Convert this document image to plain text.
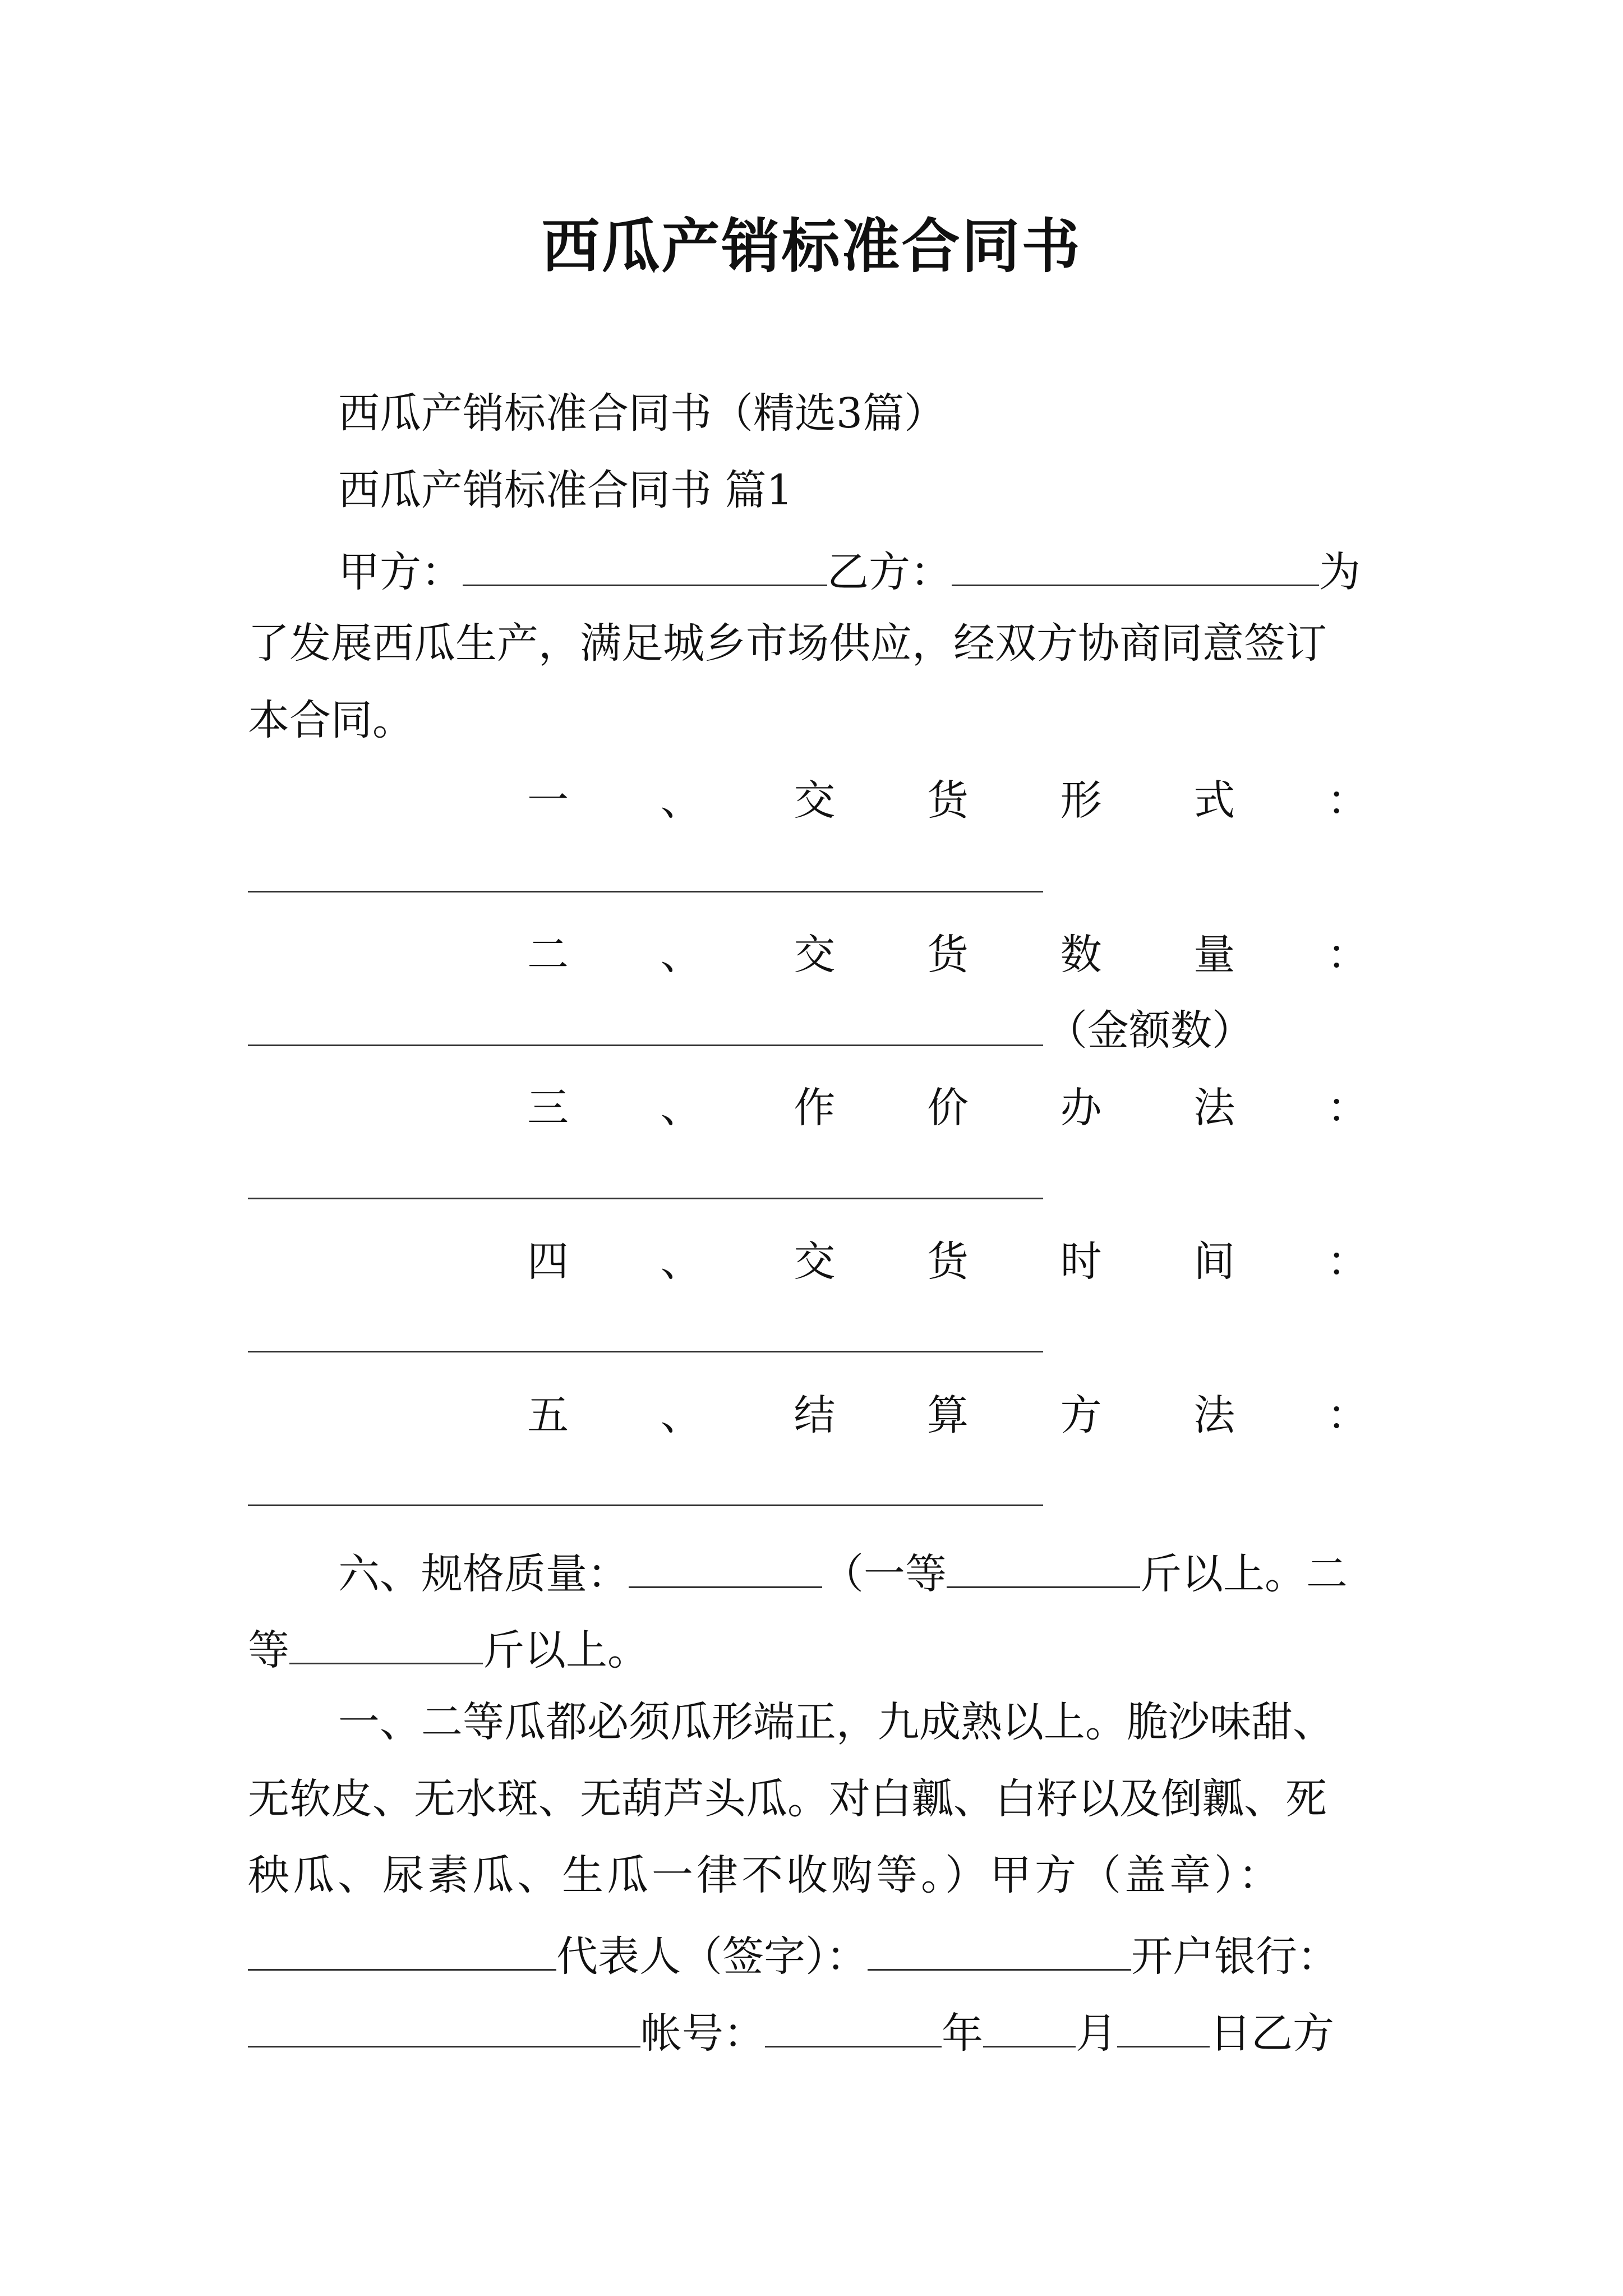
西瓜产销标准合同书
西瓜产销标准合同书（精选3篇）
西瓜产销标准合同书 篇1
甲方：	乙方：	为
了发展西瓜生产，满足城乡市场供应，经双方协商同意签订
本合同。
一 、 交 货 形 式 ：
二 、 交 货 数 量 ：
（金额数）
三 、 作 价 办 法 ：
四 、 交 货 时 间 ：
五 、 结 算 方 法 ：
六、规格质量：	（一等	斤以上。二
等	斤以上。
一、二等瓜都必须瓜形端正，九成熟以上。脆沙味甜、
无软皮、无水斑、无葫芦头瓜。对白瓤、白籽以及倒瓤、死
秧瓜、尿素瓜、生瓜一律不收购等。）甲方（盖章）：
代表人（签字）：	开户银行：
帐号：	年 月 日乙方
